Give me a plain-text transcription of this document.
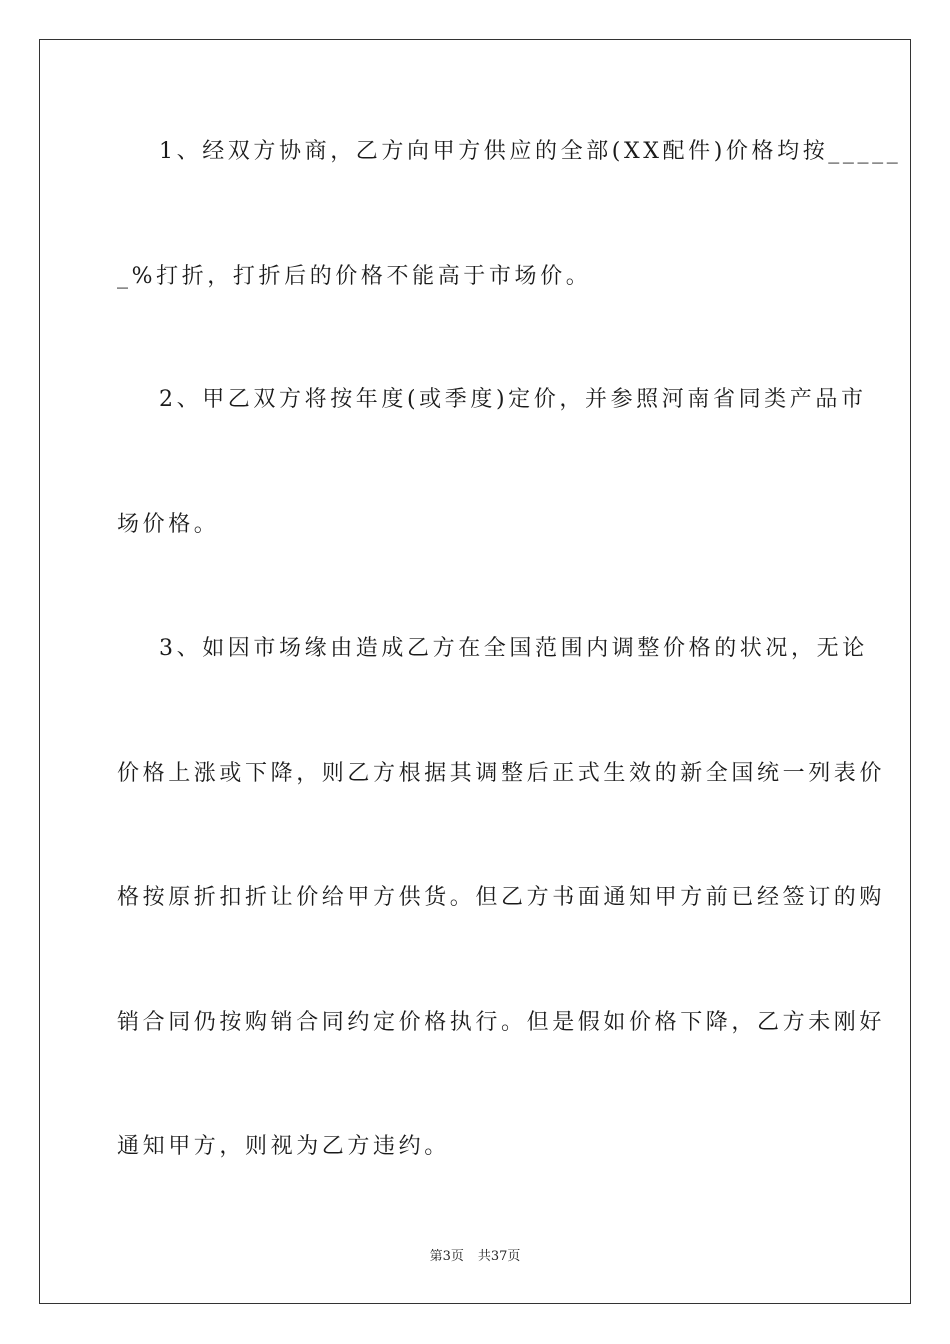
1、经双方协商，乙方向甲方供应的全部(XX配件)价格均按_____
_%打折，打折后的价格不能高于市场价。
2、甲乙双方将按年度(或季度)定价，并参照河南省同类产品市
场价格。
3、如因市场缘由造成乙方在全国范围内调整价格的状况，无论
价格上涨或下降，则乙方根据其调整后正式生效的新全国统一列表价
格按原折扣折让价给甲方供货。但乙方书面通知甲方前已经签订的购
销合同仍按购销合同约定价格执行。但是假如价格下降，乙方未刚好
通知甲方，则视为乙方违约。
第3页 共37页
